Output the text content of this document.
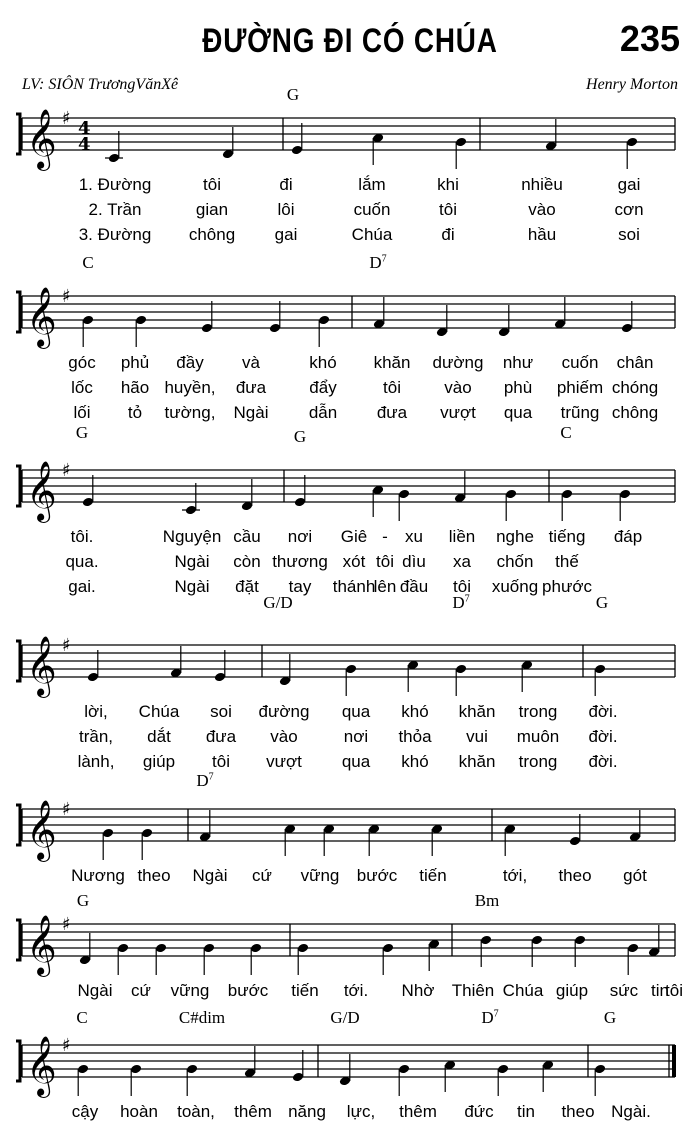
ĐƯỜNG ĐI CÓ CHÚA	235
LV: SIÔN TrươngVănXê	Henry Morton
𝄞 ♯ 4
4
𝄞 ♯
𝄞 ♯
𝄞 ♯
𝄞 ♯
𝄞 ♯
𝄞 ♯
G
C	$D^7$
G	G	C
G/D	$D^7$	G
$D^7$
G	Bm
C	C#dim	G/D	$D^7$	G
1. Đường	tôi	đi	lắm	khi	nhiều	gai
2. Trần	gian	lôi	cuốn	tôi	vào	cơn
3. Đường chông gai	Chúa	đi	hầu	soi
góc phủ đầy và	khó khăn dường như cuốn chân
lốc hão huyền, đưa	đẩy	tôi	vào phù phiếm chóng
lối tỏ tường, Ngài dẫn đưa vượt qua trũng chông
tôi.	Nguyện cầu nơi Giê - xu liền nghe tiếng đáp
qua.	Ngài còn thương xót tôi dìu xa chốn thế
gai.	Ngài đặt tay thánh
lên đầu tôi xuống phước
lời, Chúa soi đường qua khó khăn trong đời.
trần, dắt đưa vào	nơi thỏa vui muôn đời.
lành, giúp tôi vượt qua khó khăn trong đời.
Nương theo Ngài cứ vững bước tiến	tới, theo gót
Ngài cứ vững bước tiến tới. Nhờ Thiên Chúa giúp sức tôi
tin
cậy hoàn toàn, thêm năng lực, thêm đức tin theo Ngài.
